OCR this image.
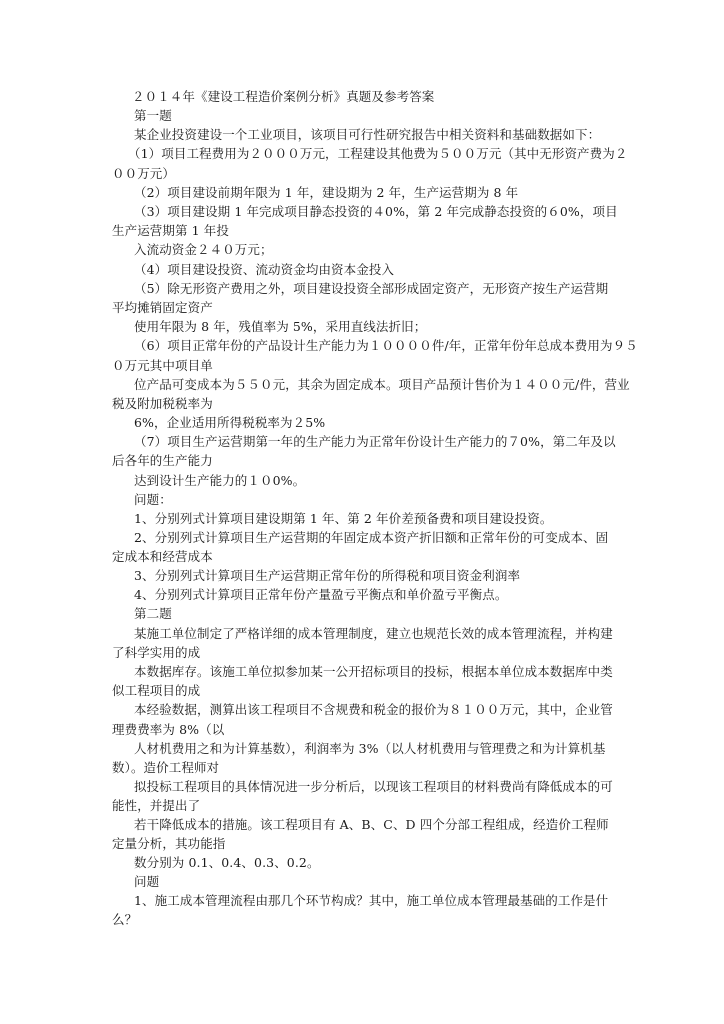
２０１４年《建设工程造价案例分析》真题及参考答案
第一题
某企业投资建设一个工业项目，该项目可行性研究报告中相关资料和基础数据如下：
（1）项目工程费用为２０００万元，工程建设其他费为５００万元（其中无形资产费为２
００万元）
（2）项目建设前期年限为 1 年，建设期为 2 年，生产运营期为 8 年
（3）项目建设期 1 年完成项目静态投资的４0%，第 2 年完成静态投资的６0%，项目
生产运营期第 1 年投
入流动资金２４０万元；
（4）项目建设投资、流动资金均由资本金投入
（5）除无形资产费用之外，项目建设投资全部形成固定资产，无形资产按生产运营期
平均摊销固定资产
使用年限为 8 年，残值率为 5%，采用直线法折旧；
（6）项目正常年份的产品设计生产能力为１００００件/年，正常年份年总成本费用为９５
０万元其中项目单
位产品可变成本为５５０元，其余为固定成本。项目产品预计售价为１４００元/件，营业
税及附加税税率为
6%，企业适用所得税税率为２5%
（7）项目生产运营期第一年的生产能力为正常年份设计生产能力的７0%，第二年及以
后各年的生产能力
达到设计生产能力的１０0%。
问题：
1、分别列式计算项目建设期第 1 年、第 2 年价差预备费和项目建设投资。
2、分别列式计算项目生产运营期的年固定成本资产折旧额和正常年份的可变成本、固
定成本和经营成本
3、分别列式计算项目生产运营期正常年份的所得税和项目资金利润率
4、分别列式计算项目正常年份产量盈亏平衡点和单价盈亏平衡点。
第二题
某施工单位制定了严格详细的成本管理制度，建立也规范长效的成本管理流程，并构建
了科学实用的成
本数据库存。该施工单位拟参加某一公开招标项目的投标，根据本单位成本数据库中类
似工程项目的成
本经验数据，测算出该工程项目不含规费和税金的报价为８１００万元，其中，企业管
理费费率为 8%（以
人材机费用之和为计算基数），利润率为 3%（以人材机费用与管理费之和为计算机基
数）。造价工程师对
拟投标工程项目的具体情况进一步分析后，以现该工程项目的材料费尚有降低成本的可
能性，并提出了
若干降低成本的措施。该工程项目有 A、B、C、D 四个分部工程组成，经造价工程师
定量分析，其功能指
数分别为 0.1、0.4、0.3、0.2。
问题
1、施工成本管理流程由那几个环节构成？其中，施工单位成本管理最基础的工作是什
么？
